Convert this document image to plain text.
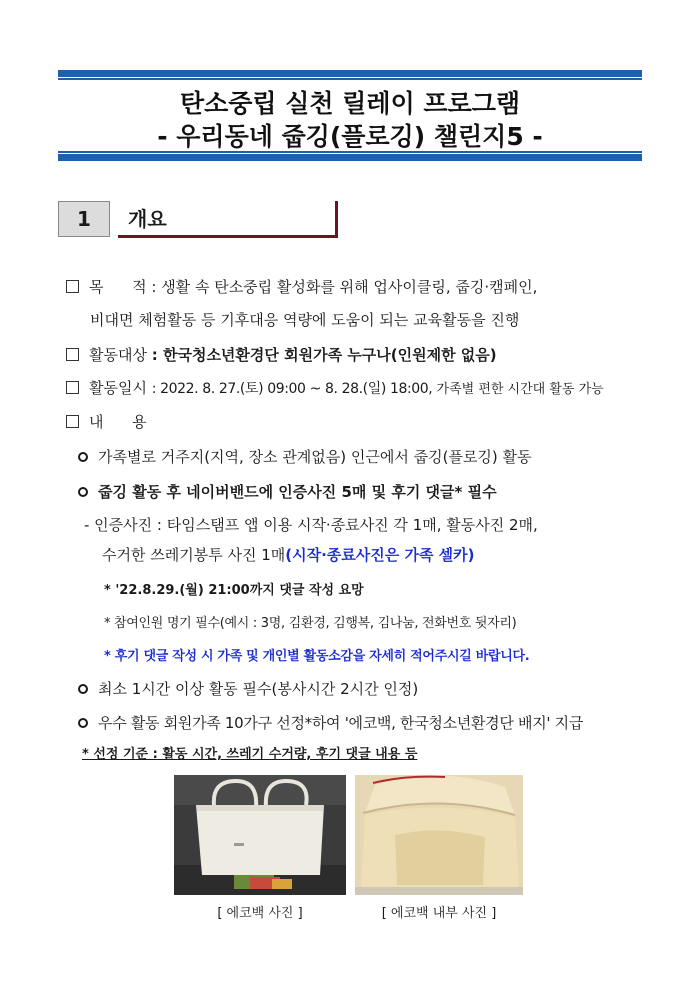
탄소중립 실천 릴레이 프로그램
- 우리동네 줍깅(플로깅) 챌린지5 -
1	개요
목      적 : 생활 속 탄소중립 활성화를 위해 업사이클링, 줍깅·캠페인,
비대면 체험활동 등 기후대응 역량에 도움이 되는 교육활동을 진행
활동대상 : 한국청소년환경단 회원가족 누구나(인원제한 없음)
활동일시 : 2022. 8. 27.(토) 09:00 ~ 8. 28.(일) 18:00, 가족별 편한 시간대 활동 가능
내      용
가족별로 거주지(지역, 장소 관계없음) 인근에서 줍깅(플로깅) 활동
줍깅 활동 후 네이버밴드에 인증사진 5매 및 후기 댓글* 필수
- 인증사진 : 타임스탬프 앱 이용 시작·종료사진 각 1매, 활동사진 2매,
수거한 쓰레기봉투 사진 1매(시작·종료사진은 가족 셀카)
* '22.8.29.(월) 21:00까지 댓글 작성 요망
* 참여인원 명기 필수(예시 : 3명, 김환경, 김행복, 김나눔, 전화번호 뒷자리)
* 후기 댓글 작성 시 가족 및 개인별 활동소감을 자세히 적어주시길 바랍니다.
최소 1시간 이상 활동 필수(봉사시간 2시간 인정)
우수 활동 회원가족 10가구 선정*하여 '에코백, 한국청소년환경단 배지' 지급
* 선정 기준 : 활동 시간, 쓰레기 수거량, 후기 댓글 내용 등
[ 에코백 사진 ]	[ 에코백 내부 사진 ]
